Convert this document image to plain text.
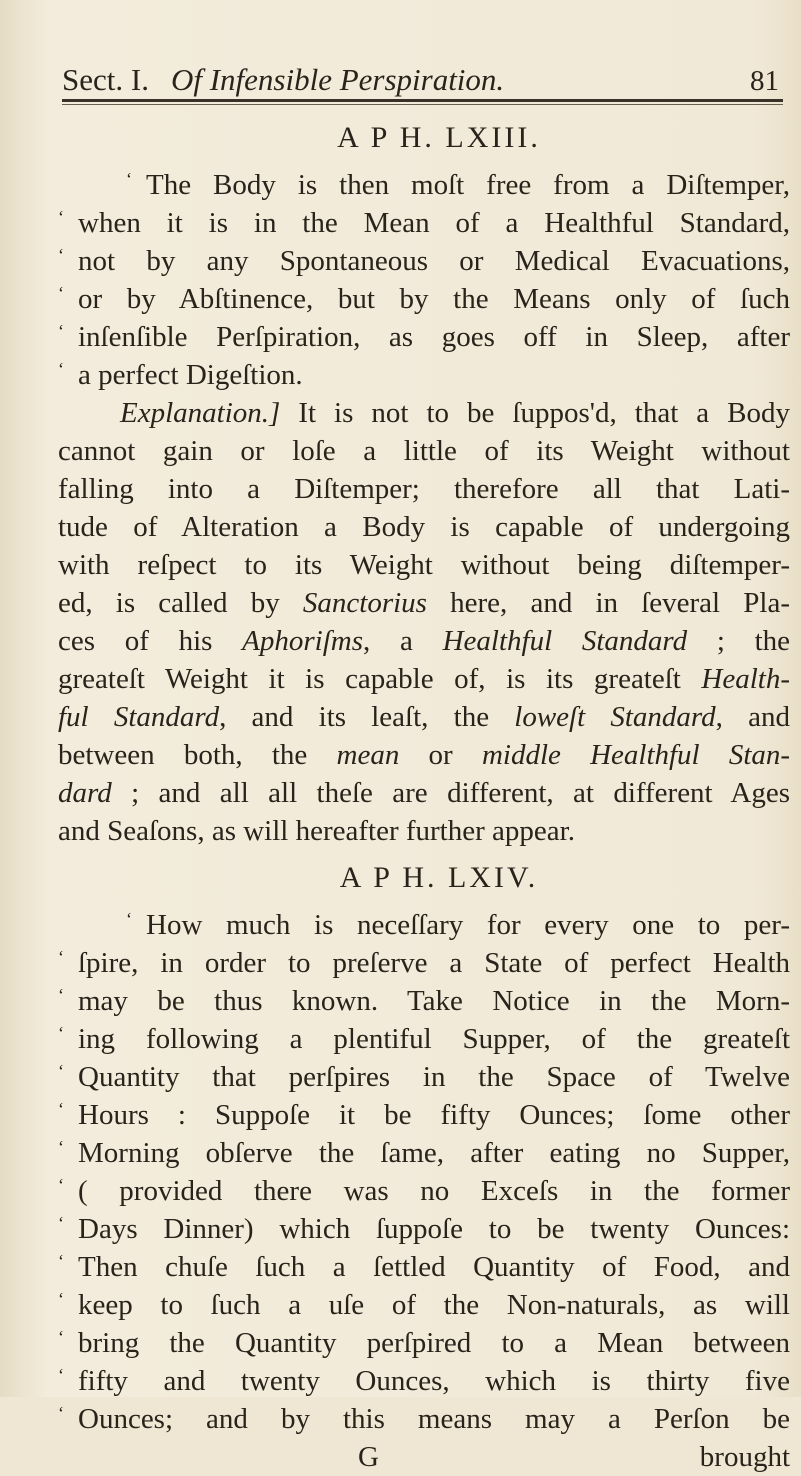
Sect. I. Of Infensible Perspiration.	81
A P H. LXIII.
‘ The Body is then moſt free from a Diſtemper,
‘ when it is in the Mean of a Healthful Standard,
‘ not by any Spontaneous or Medical Evacuations,
‘ or by Abſtinence, but by the Means only of ſuch
‘ inſenſible Perſpiration, as goes off in Sleep, after
‘ a perfect Digeſtion.
Explanation.] It is not to be ſuppos'd, that a Body
cannot gain or loſe a little of its Weight without
falling into a Diſtemper; therefore all that Lati-
tude of Alteration a Body is capable of undergoing
with reſpect to its Weight without being diſtemper-
ed, is called by Sanctorius here, and in ſeveral Pla-
ces of his Aphoriſms, a Healthful Standard ; the
greateſt Weight it is capable of, is its greateſt Health-
ful Standard, and its leaſt, the loweſt Standard, and
between both, the mean or middle Healthful Stan-
dard ; and all all theſe are different, at different Ages
and Seaſons, as will hereafter further appear.
A P H. LXIV.
‘ How much is neceſſary for every one to per-
‘ ſpire, in order to preſerve a State of perfect Health
‘ may be thus known. Take Notice in the Morn-
‘ ing following a plentiful Supper, of the greateſt
‘ Quantity that perſpires in the Space of Twelve
‘ Hours : Suppoſe it be fifty Ounces; ſome other
‘ Morning obſerve the ſame, after eating no Supper,
‘ ( provided there was no Exceſs in the former
‘ Days Dinner) which ſuppoſe to be twenty Ounces:
‘ Then chuſe ſuch a ſettled Quantity of Food, and
‘ keep to ſuch a uſe of the Non-naturals, as will
‘ bring the Quantity perſpired to a Mean between
‘ fifty and twenty Ounces, which is thirty five
‘ Ounces; and by this means may a Perſon be
G	brought
